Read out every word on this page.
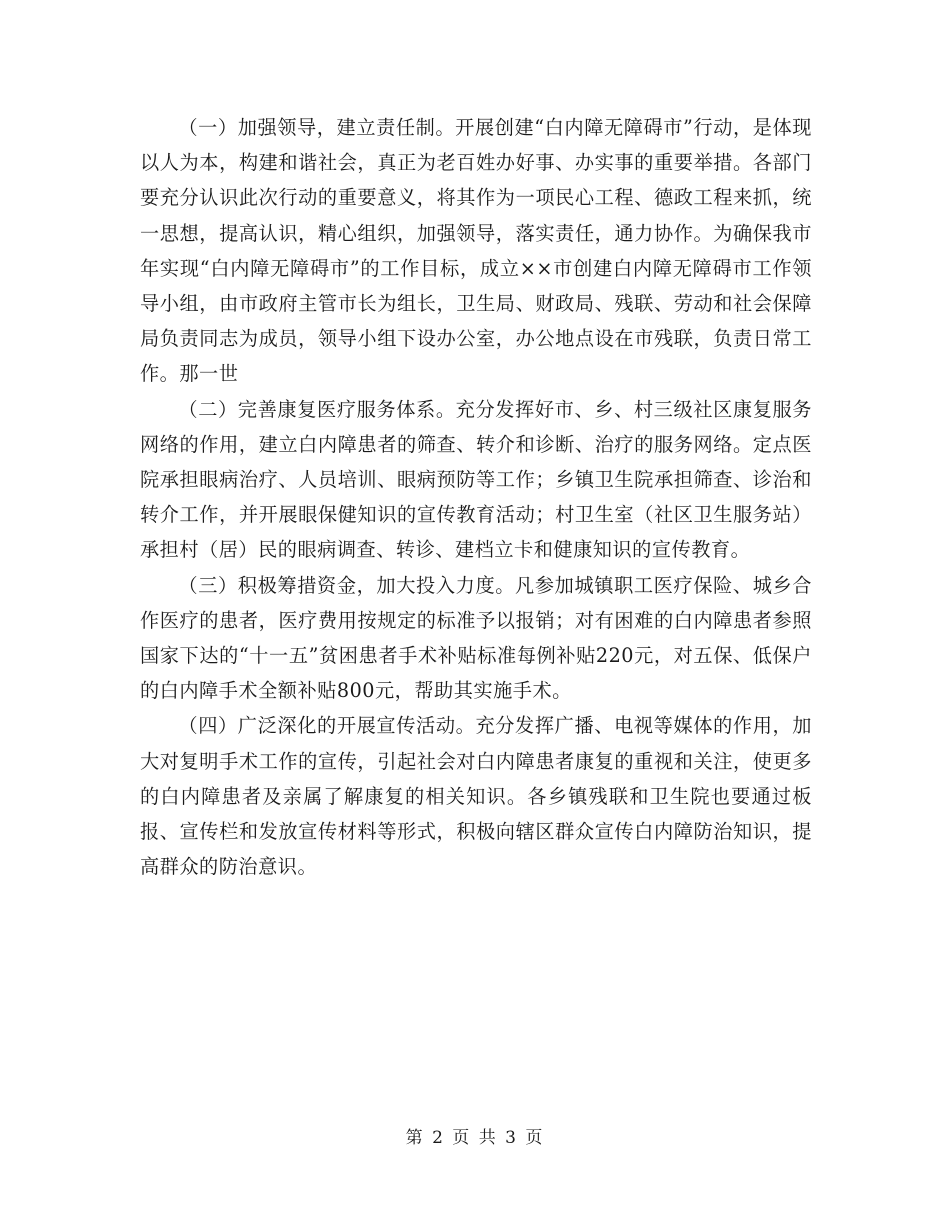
（一）加强领导，建立责任制。开展创建“白内障无障碍市”行动，是体现以人为本，构建和谐社会，真正为老百姓办好事、办实事的重要举措。各部门要充分认识此次行动的重要意义，将其作为一项民心工程、德政工程来抓，统一思想，提高认识，精心组织，加强领导，落实责任，通力协作。为确保我市年实现“白内障无障碍市”的工作目标，成立××市创建白内障无障碍市工作领导小组，由市政府主管市长为组长，卫生局、财政局、残联、劳动和社会保障局负责同志为成员，领导小组下设办公室，办公地点设在市残联，负责日常工作。那一世

（二）完善康复医疗服务体系。充分发挥好市、乡、村三级社区康复服务网络的作用，建立白内障患者的筛查、转介和诊断、治疗的服务网络。定点医院承担眼病治疗、人员培训、眼病预防等工作；乡镇卫生院承担筛查、诊治和转介工作，并开展眼保健知识的宣传教育活动；村卫生室（社区卫生服务站）承担村（居）民的眼病调查、转诊、建档立卡和健康知识的宣传教育。

（三）积极筹措资金，加大投入力度。凡参加城镇职工医疗保险、城乡合作医疗的患者，医疗费用按规定的标准予以报销；对有困难的白内障患者参照国家下达的“十一五”贫困患者手术补贴标准每例补贴220元，对五保、低保户的白内障手术全额补贴800元，帮助其实施手术。

（四）广泛深化的开展宣传活动。充分发挥广播、电视等媒体的作用，加大对复明手术工作的宣传，引起社会对白内障患者康复的重视和关注，使更多的白内障患者及亲属了解康复的相关知识。各乡镇残联和卫生院也要通过板报、宣传栏和发放宣传材料等形式，积极向辖区群众宣传白内障防治知识，提高群众的防治意识。

第 2 页 共 3 页
